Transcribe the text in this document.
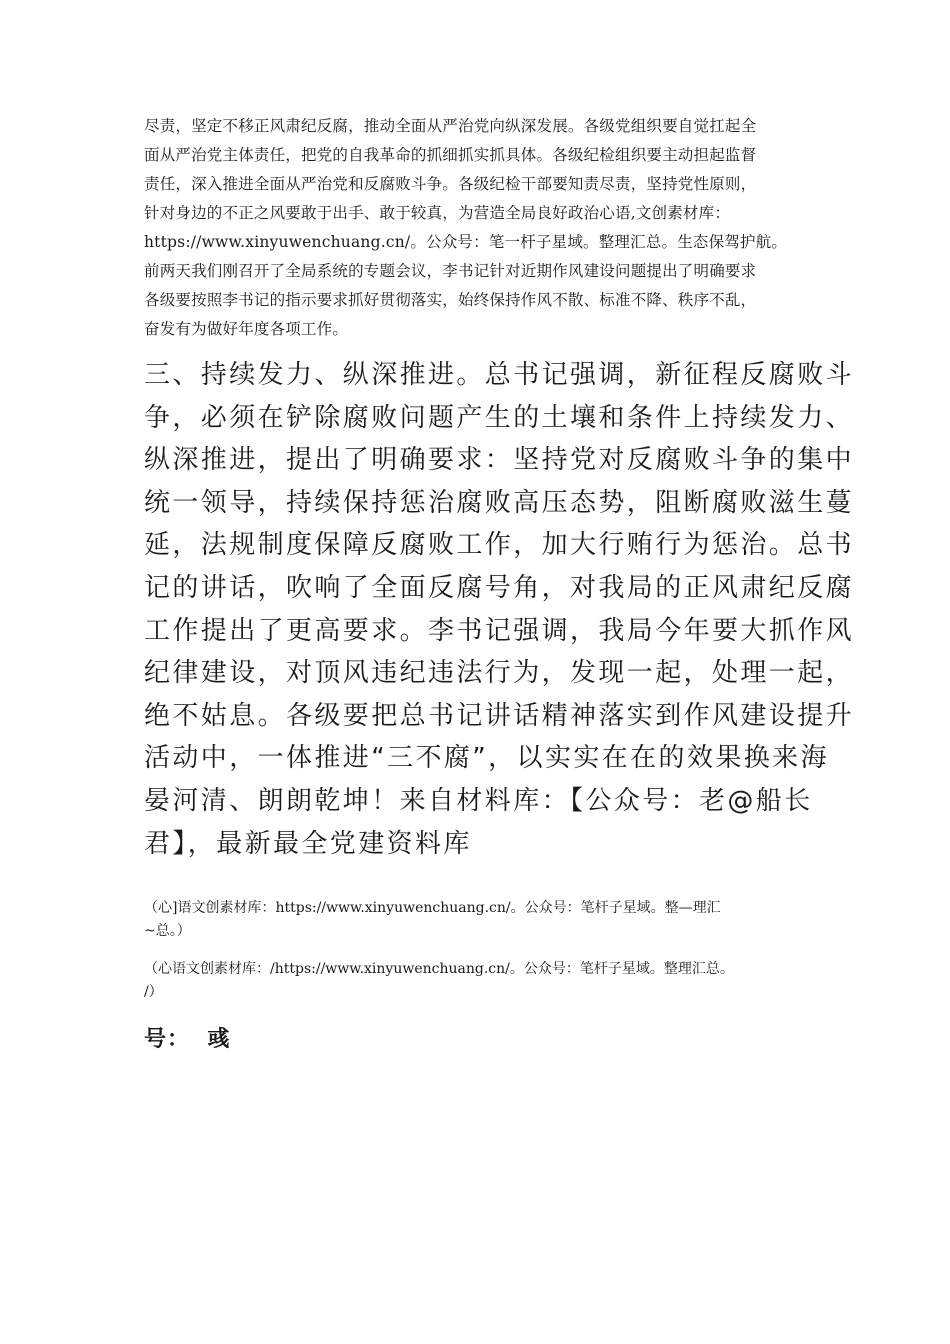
尽责，坚定不移正风肃纪反腐，推动全面从严治党向纵深发展。各级党组织要自觉扛起全
面从严治党主体责任，把党的自我革命的抓细抓实抓具体。各级纪检组织要主动担起监督
责任，深入推进全面从严治党和反腐败斗争。各级纪检干部要知责尽责，坚持党性原则，
针对身边的不正之风要敢于出手、敢于较真，为营造全局良好政治心语,文创素材库：
https://www.xinyuwenchuang.cn/。公众号：笔一杆子星域。整理汇总。生态保驾护航。
前两天我们刚召开了全局系统的专题会议，李书记针对近期作风建设问题提出了明确要求
各级要按照李书记的指示要求抓好贯彻落实，始终保持作风不散、标准不降、秩序不乱，
奋发有为做好年度各项工作。
三、持续发力、纵深推进。总书记强调，新征程反腐败斗
争，必须在铲除腐败问题产生的土壤和条件上持续发力、
纵深推进，提出了明确要求：坚持党对反腐败斗争的集中
统一领导，持续保持惩治腐败高压态势，阻断腐败滋生蔓
延，法规制度保障反腐败工作，加大行贿行为惩治。总书
记的讲话，吹响了全面反腐号角，对我局的正风肃纪反腐
工作提出了更高要求。李书记强调，我局今年要大抓作风
纪律建设，对顶风违纪违法行为，发现一起，处理一起，
绝不姑息。各级要把总书记讲话精神落实到作风建设提升
活动中，一体推进“三不腐”，以实实在在的效果换来海
晏河清、朗朗乾坤！来自材料库：【公众号：老@船长
君】，最新最全党建资料库
（心]语文创素材库：https://www.xinyuwenchuang.cn/。公众号：笔杆子星域。整—理汇
~总。）
（心语文创素材库：/https://www.xinyuwenchuang.cn/。公众号：笔杆子星域。整理汇总。
/）
号：  彧
